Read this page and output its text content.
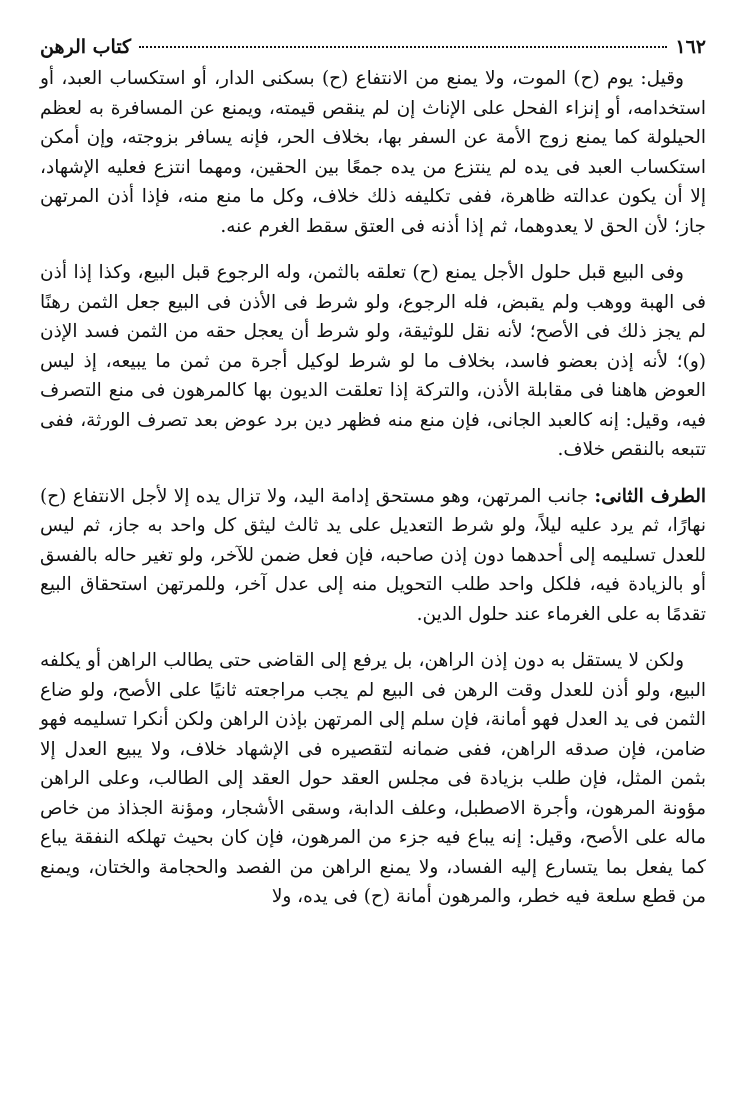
١٦٢
كتاب الرهن

وقيل: يوم (ح) الموت، ولا يمنع من الانتفاع (ح) بسكنى الدار، أو استكساب العبد، أو استخدامه، أو إنزاء الفحل على الإناث إن لم ينقص قيمته، ويمنع عن المسافرة به لعظم الحيلولة كما يمنع زوج الأمة عن السفر بها، بخلاف الحر، فإنه يسافر بزوجته، وإن أمكن استكساب العبد فى يده لم ينتزع من يده جمعًا بين الحقين، ومهما انتزع فعليه الإشهاد، إلا أن يكون عدالته ظاهرة، ففى تكليفه ذلك خلاف، وكل ما منع منه، فإذا أذن المرتهن جاز؛ لأن الحق لا يعدوهما، ثم إذا أذنه فى العتق سقط الغرم عنه.

وفى البيع قبل حلول الأجل يمنع (ح) تعلقه بالثمن، وله الرجوع قبل البيع، وكذا إذا أذن فى الهبة ووهب ولم يقبض، فله الرجوع، ولو شرط فى الأذن فى البيع جعل الثمن رهنًا لم يجز ذلك فى الأصح؛ لأنه نقل للوثيقة، ولو شرط أن يعجل حقه من الثمن فسد الإذن (و)؛ لأنه إذن بعضو فاسد، بخلاف ما لو شرط لوكيل أجرة من ثمن ما يبيعه، إذ ليس العوض هاهنا فى مقابلة الأذن، والتركة إذا تعلقت الديون بها كالمرهون فى منع التصرف فيه، وقيل: إنه كالعبد الجانى، فإن منع منه فظهر دين برد عوض بعد تصرف الورثة، ففى تتبعه بالنقص خلاف.

الطرف الثانى: جانب المرتهن، وهو مستحق إدامة اليد، ولا تزال يده إلا لأجل الانتفاع (ح) نهارًا، ثم يرد عليه ليلاً، ولو شرط التعديل على يد ثالث ليثق كل واحد به جاز، ثم ليس للعدل تسليمه إلى أحدهما دون إذن صاحبه، فإن فعل ضمن للآخر، ولو تغير حاله بالفسق أو بالزيادة فيه، فلكل واحد طلب التحويل منه إلى عدل آخر، وللمرتهن استحقاق البيع تقدمًا به على الغرماء عند حلول الدين.

ولكن لا يستقل به دون إذن الراهن، بل يرفع إلى القاضى حتى يطالب الراهن أو يكلفه البيع، ولو أذن للعدل وقت الرهن فى البيع لم يجب مراجعته ثانيًا على الأصح، ولو ضاع الثمن فى يد العدل فهو أمانة، فإن سلم إلى المرتهن بإذن الراهن ولكن أنكرا تسليمه فهو ضامن، فإن صدقه الراهن، ففى ضمانه لتقصيره فى الإشهاد خلاف، ولا يبيع العدل إلا بثمن المثل، فإن طلب بزيادة فى مجلس العقد حول العقد إلى الطالب، وعلى الراهن مؤونة المرهون، وأجرة الاصطبل، وعلف الدابة، وسقى الأشجار، ومؤنة الجذاذ من خاص ماله على الأصح، وقيل: إنه يباع فيه جزء من المرهون، فإن كان بحيث تهلكه النفقة يباع كما يفعل بما يتسارع إليه الفساد، ولا يمنع الراهن من الفصد والحجامة والختان، ويمنع من قطع سلعة فيه خطر، والمرهون أمانة (ح) فى يده، ولا
